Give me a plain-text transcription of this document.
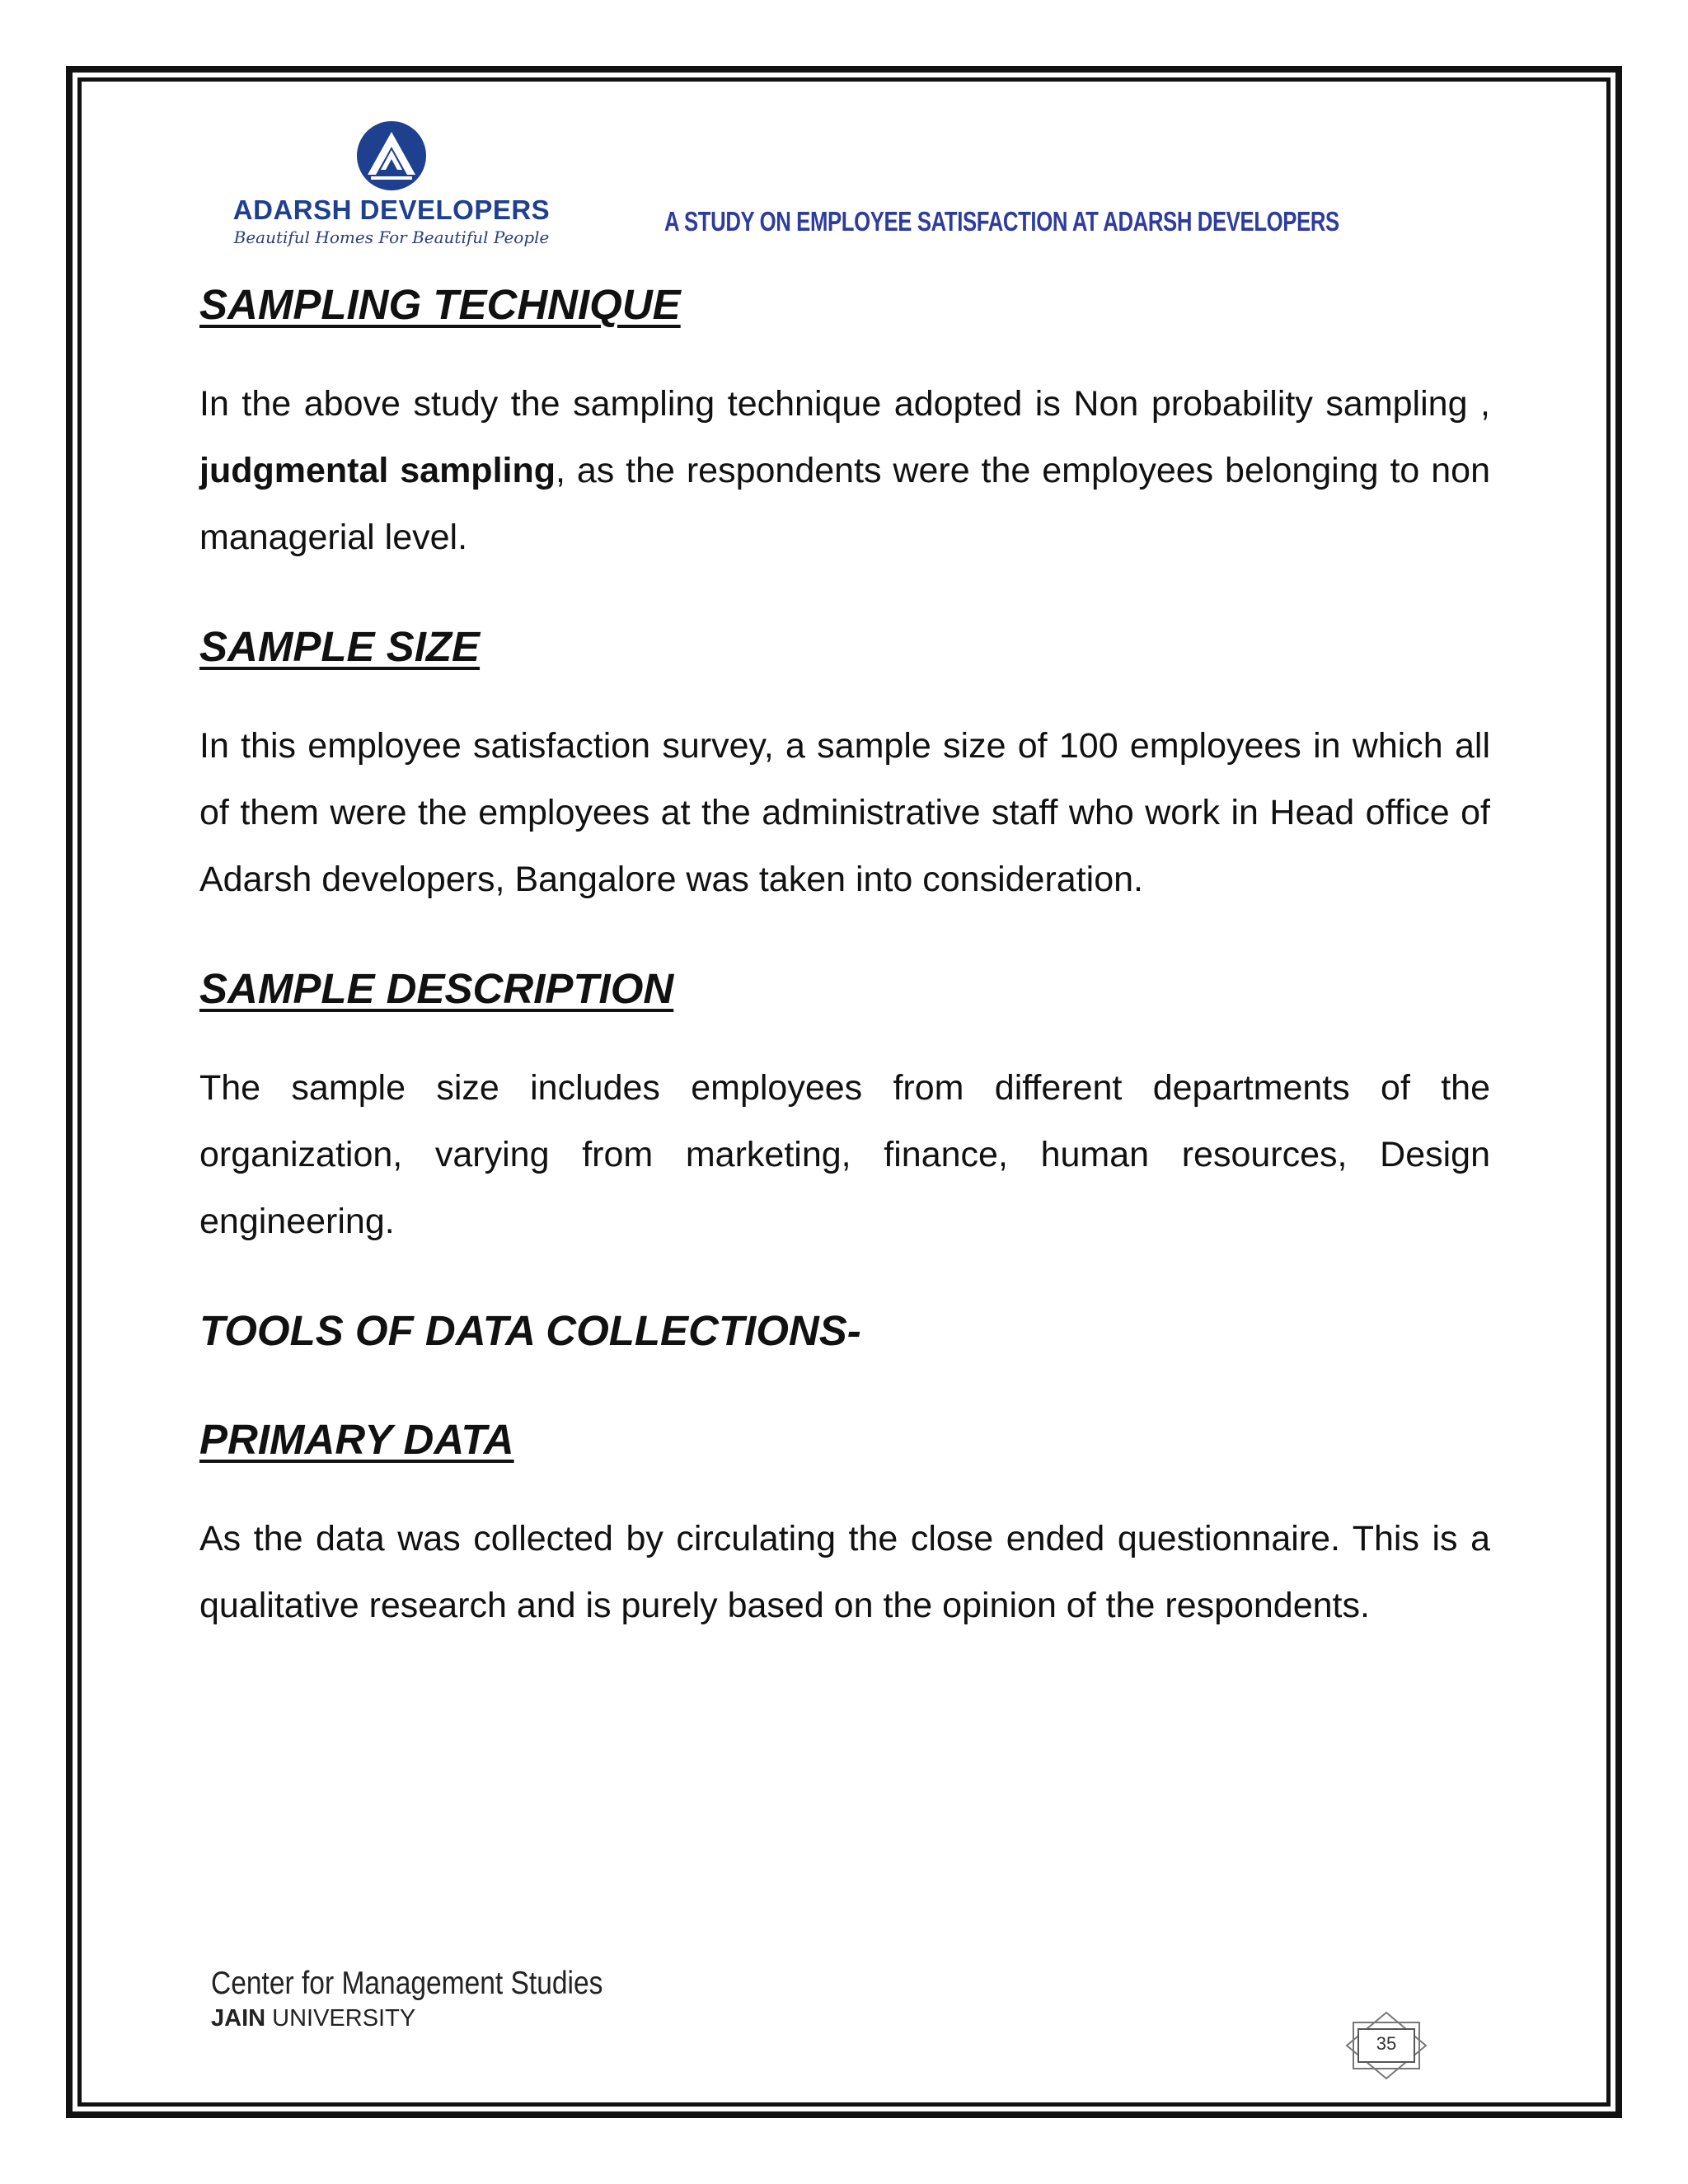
ADARSH DEVELOPERS
Beautiful Homes For Beautiful People
A STUDY ON EMPLOYEE SATISFACTION AT ADARSH DEVELOPERS
SAMPLING TECHNIQUE

In the above study the sampling technique adopted is Non probability sampling , judgmental sampling, as the respondents were the employees belonging to non managerial level.

SAMPLE SIZE

In this employee satisfaction survey, a sample size of 100 employees in which all of them were the employees at the administrative staff who work in Head office of Adarsh developers, Bangalore was taken into consideration.

SAMPLE DESCRIPTION

The sample size includes employees from different departments of the organization, varying from marketing, finance, human resources, Design engineering.

TOOLS OF DATA COLLECTIONS-
PRIMARY DATA

As the data was collected by circulating the close ended questionnaire. This is a qualitative research and is purely based on the opinion of the respondents.

Center for Management Studies
JAIN UNIVERSITY
35
